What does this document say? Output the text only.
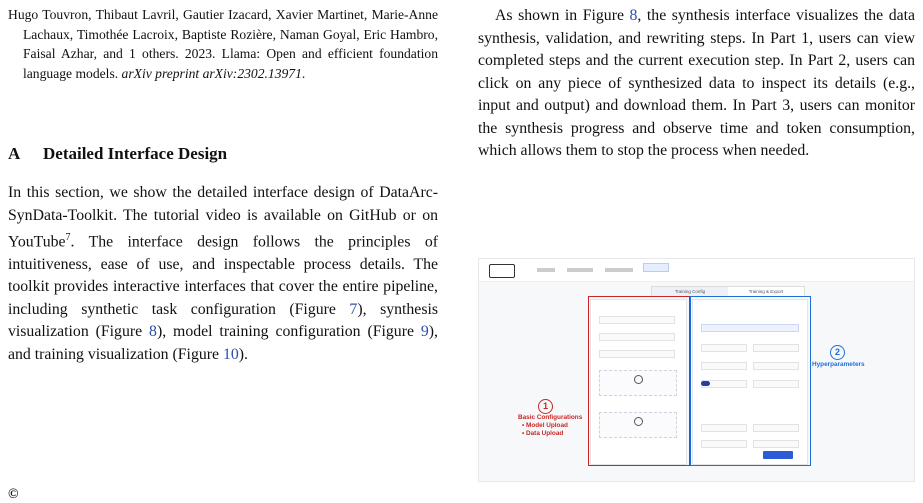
Hugo Touvron, Thibaut Lavril, Gautier Izacard, Xavier Martinet, Marie-Anne Lachaux, Timothée Lacroix, Baptiste Rozière, Naman Goyal, Eric Hambro, Faisal Azhar, and 1 others. 2023. Llama: Open and efficient foundation language models. arXiv preprint arXiv:2302.13971.

A Detailed Interface Design

In this section, we show the detailed interface design of DataArc-SynData-Toolkit. The tutorial video is available on GitHub or on YouTube$^7$. The interface design follows the principles of intuitiveness, ease of use, and inspectable process details. The toolkit provides interactive interfaces that cover the entire pipeline, including synthetic task configuration (Figure 7), synthesis visualization (Figure 8), model training configuration (Figure 9), and training visualization (Figure 10).

©

As shown in Figure 8, the synthesis interface visualizes the data synthesis, validation, and rewriting steps. In Part 1, users can view completed steps and the current execution step. In Part 2, users can click on any piece of synthesized data to inspect its details (e.g., input and output) and download them. In Part 3, users can monitor the synthesis progress and observe time and token consumption, which allows them to stop the process when needed.

Training Config	Training & Export
1
Basic Configurations
• Model Upload
• Data Upload
2
Hyperparameters
